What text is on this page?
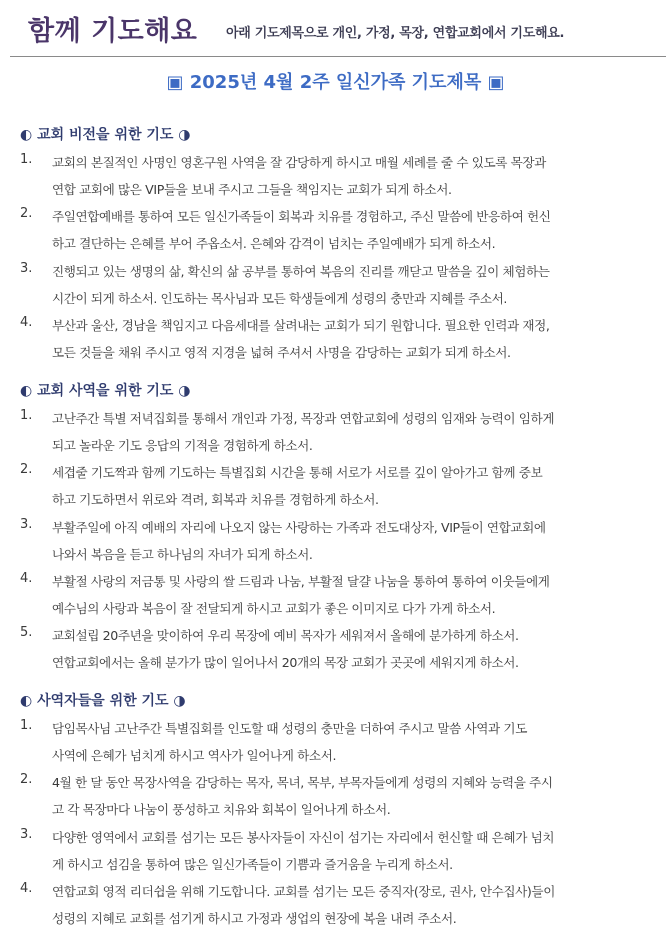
함께 기도해요 아래 기도제목으로 개인, 가정, 목장, 연합교회에서 기도해요.
▣ 2025년 4월 2주 일신가족 기도제목 ▣
◐ 교회 비전을 위한 기도 ◑
1. 교회의 본질적인 사명인 영혼구원 사역을 잘 감당하게 하시고 매월 세례를 줄 수 있도록 목장과
연합 교회에 많은 VIP들을 보내 주시고 그들을 책임지는 교회가 되게 하소서.
2. 주일연합예배를 통하여 모든 일신가족들이 회복과 치유를 경험하고, 주신 말씀에 반응하여 헌신
하고 결단하는 은혜를 부어 주옵소서. 은혜와 감격이 넘치는 주일예배가 되게 하소서.
3. 진행되고 있는 생명의 삶, 확신의 삶 공부를 통하여 복음의 진리를 깨닫고 말씀을 깊이 체험하는
시간이 되게 하소서. 인도하는 목사님과 모든 학생들에게 성령의 충만과 지혜를 주소서.
4. 부산과 울산, 경남을 책임지고 다음세대를 살려내는 교회가 되기 원합니다. 필요한 인력과 재정,
모든 것들을 채워 주시고 영적 지경을 넓혀 주셔서 사명을 감당하는 교회가 되게 하소서.
◐ 교회 사역을 위한 기도 ◑
1. 고난주간 특별 저녁집회를 통해서 개인과 가정, 목장과 연합교회에 성령의 임재와 능력이 임하게
되고 놀라운 기도 응답의 기적을 경험하게 하소서.
2. 세겹줄 기도짝과 함께 기도하는 특별집회 시간을 통해 서로가 서로를 깊이 알아가고 함께 중보
하고 기도하면서 위로와 격려, 회복과 치유를 경험하게 하소서.
3. 부활주일에 아직 예배의 자리에 나오지 않는 사랑하는 가족과 전도대상자, VIP들이 연합교회에
나와서 복음을 듣고 하나님의 자녀가 되게 하소서.
4. 부활절 사랑의 저금통 및 사랑의 쌀 드림과 나눔, 부활절 달걀 나눔을 통하여 통하여 이웃들에게
예수님의 사랑과 복음이 잘 전달되게 하시고 교회가 좋은 이미지로 다가 가게 하소서.
5. 교회설립 20주년을 맞이하여 우리 목장에 예비 목자가 세워져서 올해에 분가하게 하소서.
연합교회에서는 올해 분가가 많이 일어나서 20개의 목장 교회가 곳곳에 세워지게 하소서.
◐ 사역자들을 위한 기도 ◑
1. 담임목사님 고난주간 특별집회를 인도할 때 성령의 충만을 더하여 주시고 말씀 사역과 기도
사역에 은혜가 넘치게 하시고 역사가 일어나게 하소서.
2. 4월 한 달 동안 목장사역을 감당하는 목자, 목녀, 목부, 부목자들에게 성령의 지혜와 능력을 주시
고 각 목장마다 나눔이 풍성하고 치유와 회복이 일어나게 하소서.
3. 다양한 영역에서 교회를 섬기는 모든 봉사자들이 자신이 섬기는 자리에서 헌신할 때 은혜가 넘치
게 하시고 섬김을 통하여 많은 일신가족들이 기쁨과 즐거움을 누리게 하소서.
4. 연합교회 영적 리더쉽을 위해 기도합니다. 교회를 섬기는 모든 중직자(장로, 권사, 안수집사)들이
성령의 지혜로 교회를 섬기게 하시고 가정과 생업의 현장에 복을 내려 주소서.
